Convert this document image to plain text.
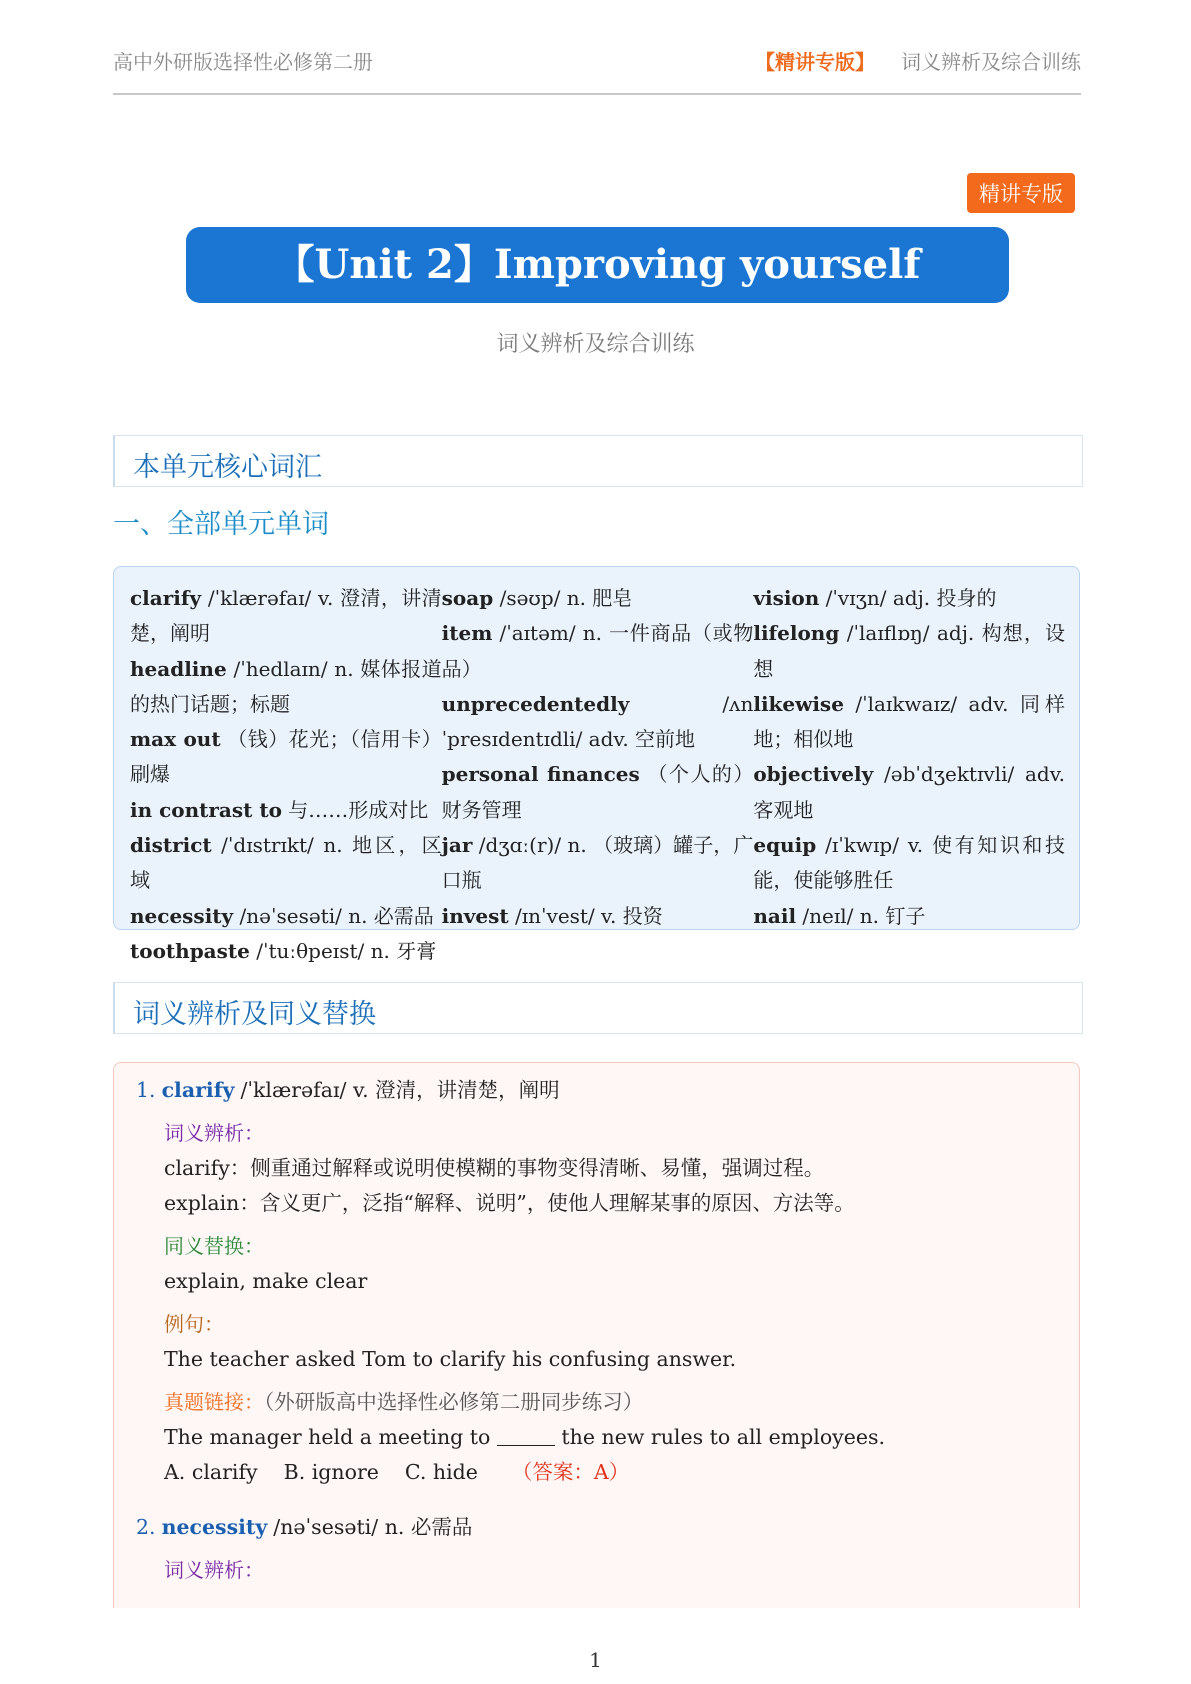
高中外研版选择性必修第二册	【精讲专版】 词义辨析及综合训练
精讲专版
【Unit 2】Improving yourself
词义辨析及综合训练
本单元核心词汇
一、全部单元单词
clarify /ˈklærəfaɪ/ v. 澄清，讲清楚，阐明
headline /ˈhedlaɪn/ n. 媒体报道的热门话题；标题
max out （钱）花光；（信用卡）刷爆
in contrast to 与……形成对比
district /ˈdɪstrɪkt/ n. 地区，区域
necessity /nəˈsesəti/ n. 必需品
toothpaste /ˈtuːθpeɪst/ n. 牙膏
soap /səʊp/ n. 肥皂
item /ˈaɪtəm/ n. 一件商品（或物品）
unprecedentedly /ʌnˈpresɪdentɪdli/ adv. 空前地
personal finances （个人的）财务管理
jar /dʒɑː(r)/ n. （玻璃）罐子，广口瓶
invest /ɪnˈvest/ v. 投资
vision /ˈvɪʒn/ adj. 投身的
lifelong /ˈlaɪflɒŋ/ adj. 构想，设想
likewise /ˈlaɪkwaɪz/ adv. 同样地；相似地
objectively /əbˈdʒektɪvli/ adv. 客观地
equip /ɪˈkwɪp/ v. 使有知识和技能，使能够胜任
nail /neɪl/ n. 钉子
词义辨析及同义替换
1. clarify /ˈklærəfaɪ/ v. 澄清，讲清楚，阐明
词义辨析：
clarify：侧重通过解释或说明使模糊的事物变得清晰、易懂，强调过程。
explain：含义更广，泛指“解释、说明”，使他人理解某事的原因、方法等。
同义替换：
explain, make clear
例句：
The teacher asked Tom to clarify his confusing answer.
真题链接：（外研版高中选择性必修第二册同步练习）
The manager held a meeting to	the new rules to all employees.
A. clarify B. ignore C. hide （答案：A）
2. necessity /nəˈsesəti/ n. 必需品
词义辨析：
1
